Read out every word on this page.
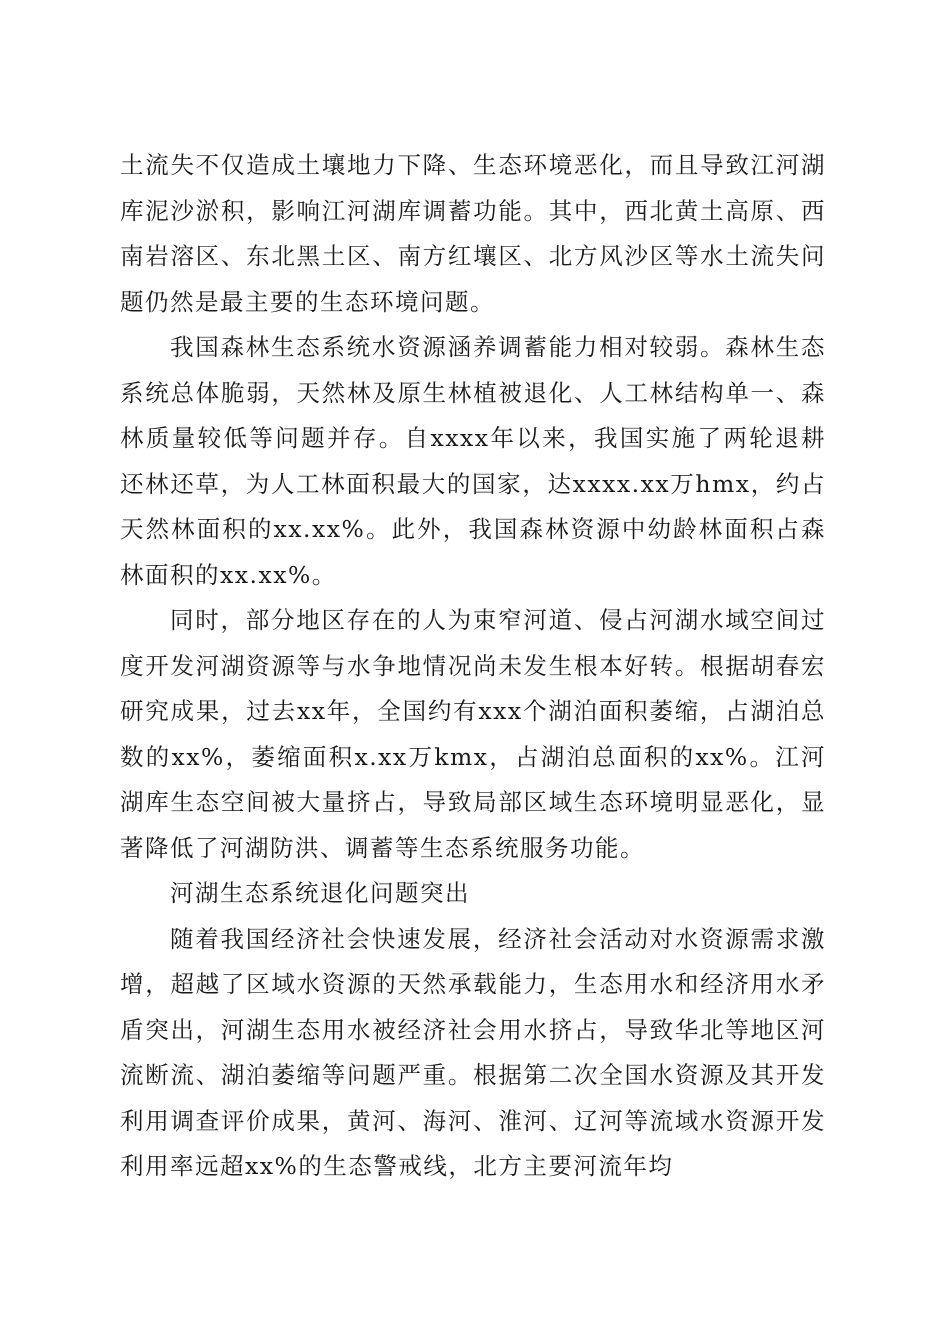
土流失不仅造成土壤地力下降、生态环境恶化，而且导致江河湖库泥沙淤积，影响江河湖库调蓄功能。其中，西北黄土高原、西南岩溶区、东北黑土区、南方红壤区、北方风沙区等水土流失问题仍然是最主要的生态环境问题。

我国森林生态系统水资源涵养调蓄能力相对较弱。森林生态系统总体脆弱，天然林及原生林植被退化、人工林结构单一、森林质量较低等问题并存。自xxxx年以来，我国实施了两轮退耕还林还草，为人工林面积最大的国家，达xxxx.xx万hmx，约占天然林面积的xx.xx%。此外，我国森林资源中幼龄林面积占森林面积的xx.xx%。

同时，部分地区存在的人为束窄河道、侵占河湖水域空间过度开发河湖资源等与水争地情况尚未发生根本好转。根据胡春宏研究成果，过去xx年，全国约有xxx个湖泊面积萎缩，占湖泊总数的xx%，萎缩面积x.xx万kmx，占湖泊总面积的xx%。江河湖库生态空间被大量挤占，导致局部区域生态环境明显恶化，显著降低了河湖防洪、调蓄等生态系统服务功能。

河湖生态系统退化问题突出

随着我国经济社会快速发展，经济社会活动对水资源需求激增，超越了区域水资源的天然承载能力，生态用水和经济用水矛盾突出，河湖生态用水被经济社会用水挤占，导致华北等地区河流断流、湖泊萎缩等问题严重。根据第二次全国水资源及其开发利用调查评价成果，黄河、海河、淮河、辽河等流域水资源开发利用率远超xx%的生态警戒线，北方主要河流年均
